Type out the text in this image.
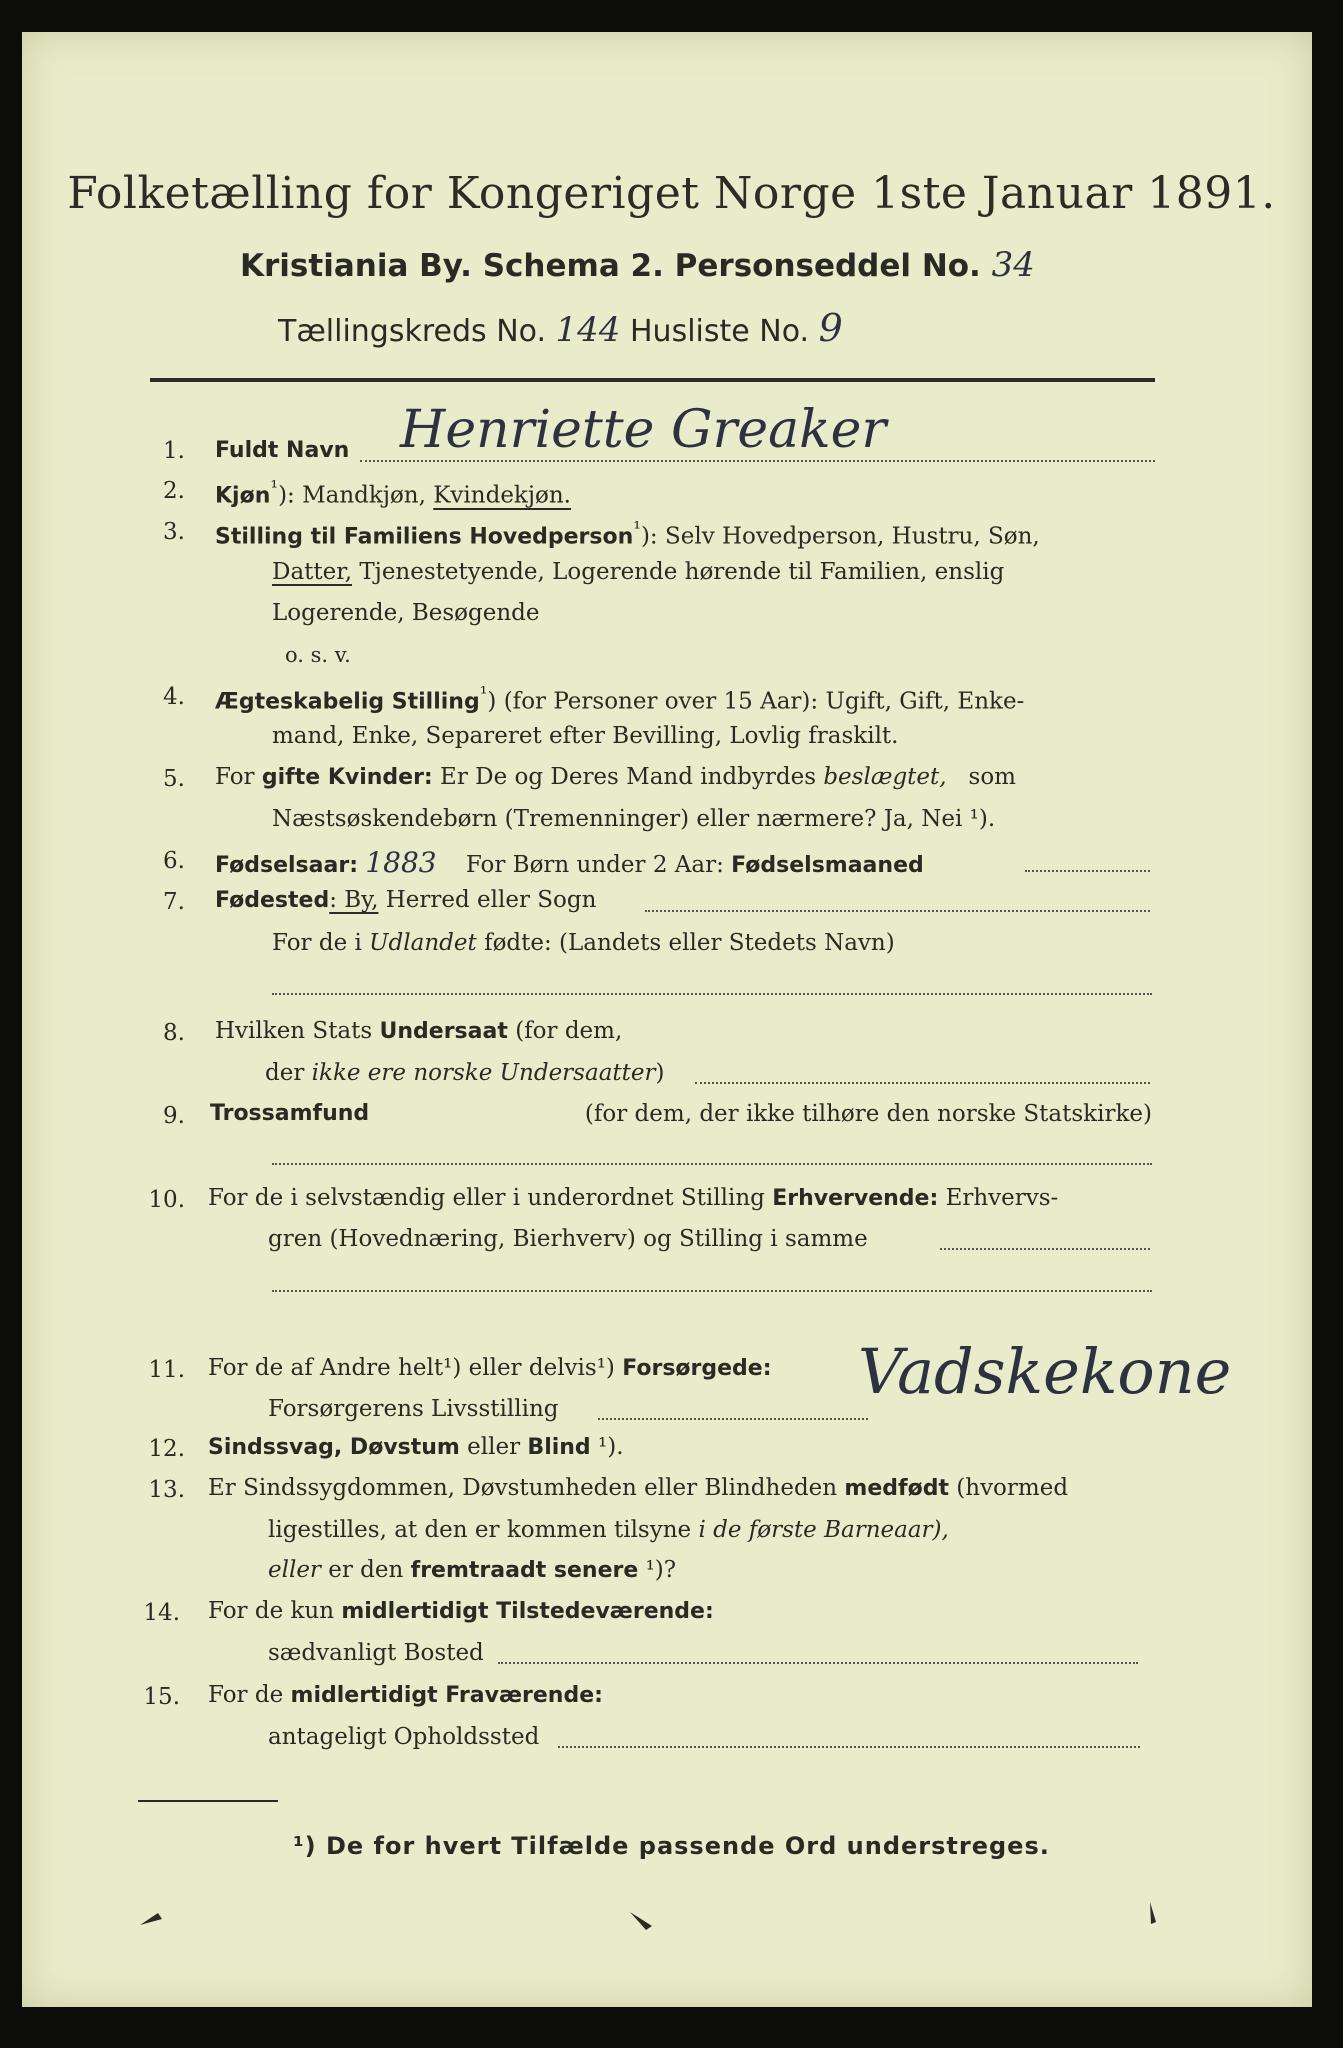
Folketælling for Kongeriget Norge 1ste Januar 1891.
Kristiania By. Schema 2. Personseddel No. 34
Tællingskreds No. 144 Husliste No. 9
1. Fuldt Navn Henriette Greaker
2. Kjøn$^{^1}$): Mandkjøn, Kvindekjøn.
3. Stilling til Familiens Hovedperson$^{^1}$): Selv Hovedperson, Hustru, Søn,
Datter, Tjenestetyende, Logerende hørende til Familien, enslig
Logerende, Besøgende
o. s. v.
4. Ægteskabelig Stilling$^{^1}$) (for Personer over 15 Aar): Ugift, Gift, Enke-
mand, Enke, Separeret efter Bevilling, Lovlig fraskilt.
5. For gifte Kvinder: Er De og Deres Mand indbyrdes beslægtet, som
Næstsøskendebørn (Tremenninger) eller nærmere? Ja, Nei ¹).
6. Fødselsaar: 1883 For Børn under 2 Aar: Fødselsmaaned
7. Fødested: By, Herred eller Sogn
For de i Udlandet fødte: (Landets eller Stedets Navn)
8. Hvilken Stats Undersaat (for dem,
der ikke ere norske Undersaatter)
9. Trossamfund	(for dem, der ikke tilhøre den norske Statskirke)
10. For de i selvstændig eller i underordnet Stilling Erhvervende: Erhvervs-
gren (Hovednæring, Bierhverv) og Stilling i samme
11. For de af Andre helt¹) eller delvis¹) Forsørgede:
Forsørgerens Livsstilling
Vadskekone
12. Sindssvag, Døvstum eller Blind ¹).
13. Er Sindssygdommen, Døvstumheden eller Blindheden medfødt (hvormed
ligestilles, at den er kommen tilsyne i de første Barneaar),
eller er den fremtraadt senere ¹)?
14. For de kun midlertidigt Tilstedeværende:
sædvanligt Bosted
15. For de midlertidigt Fraværende:
antageligt Opholdssted
¹) De for hvert Tilfælde passende Ord understreges.
